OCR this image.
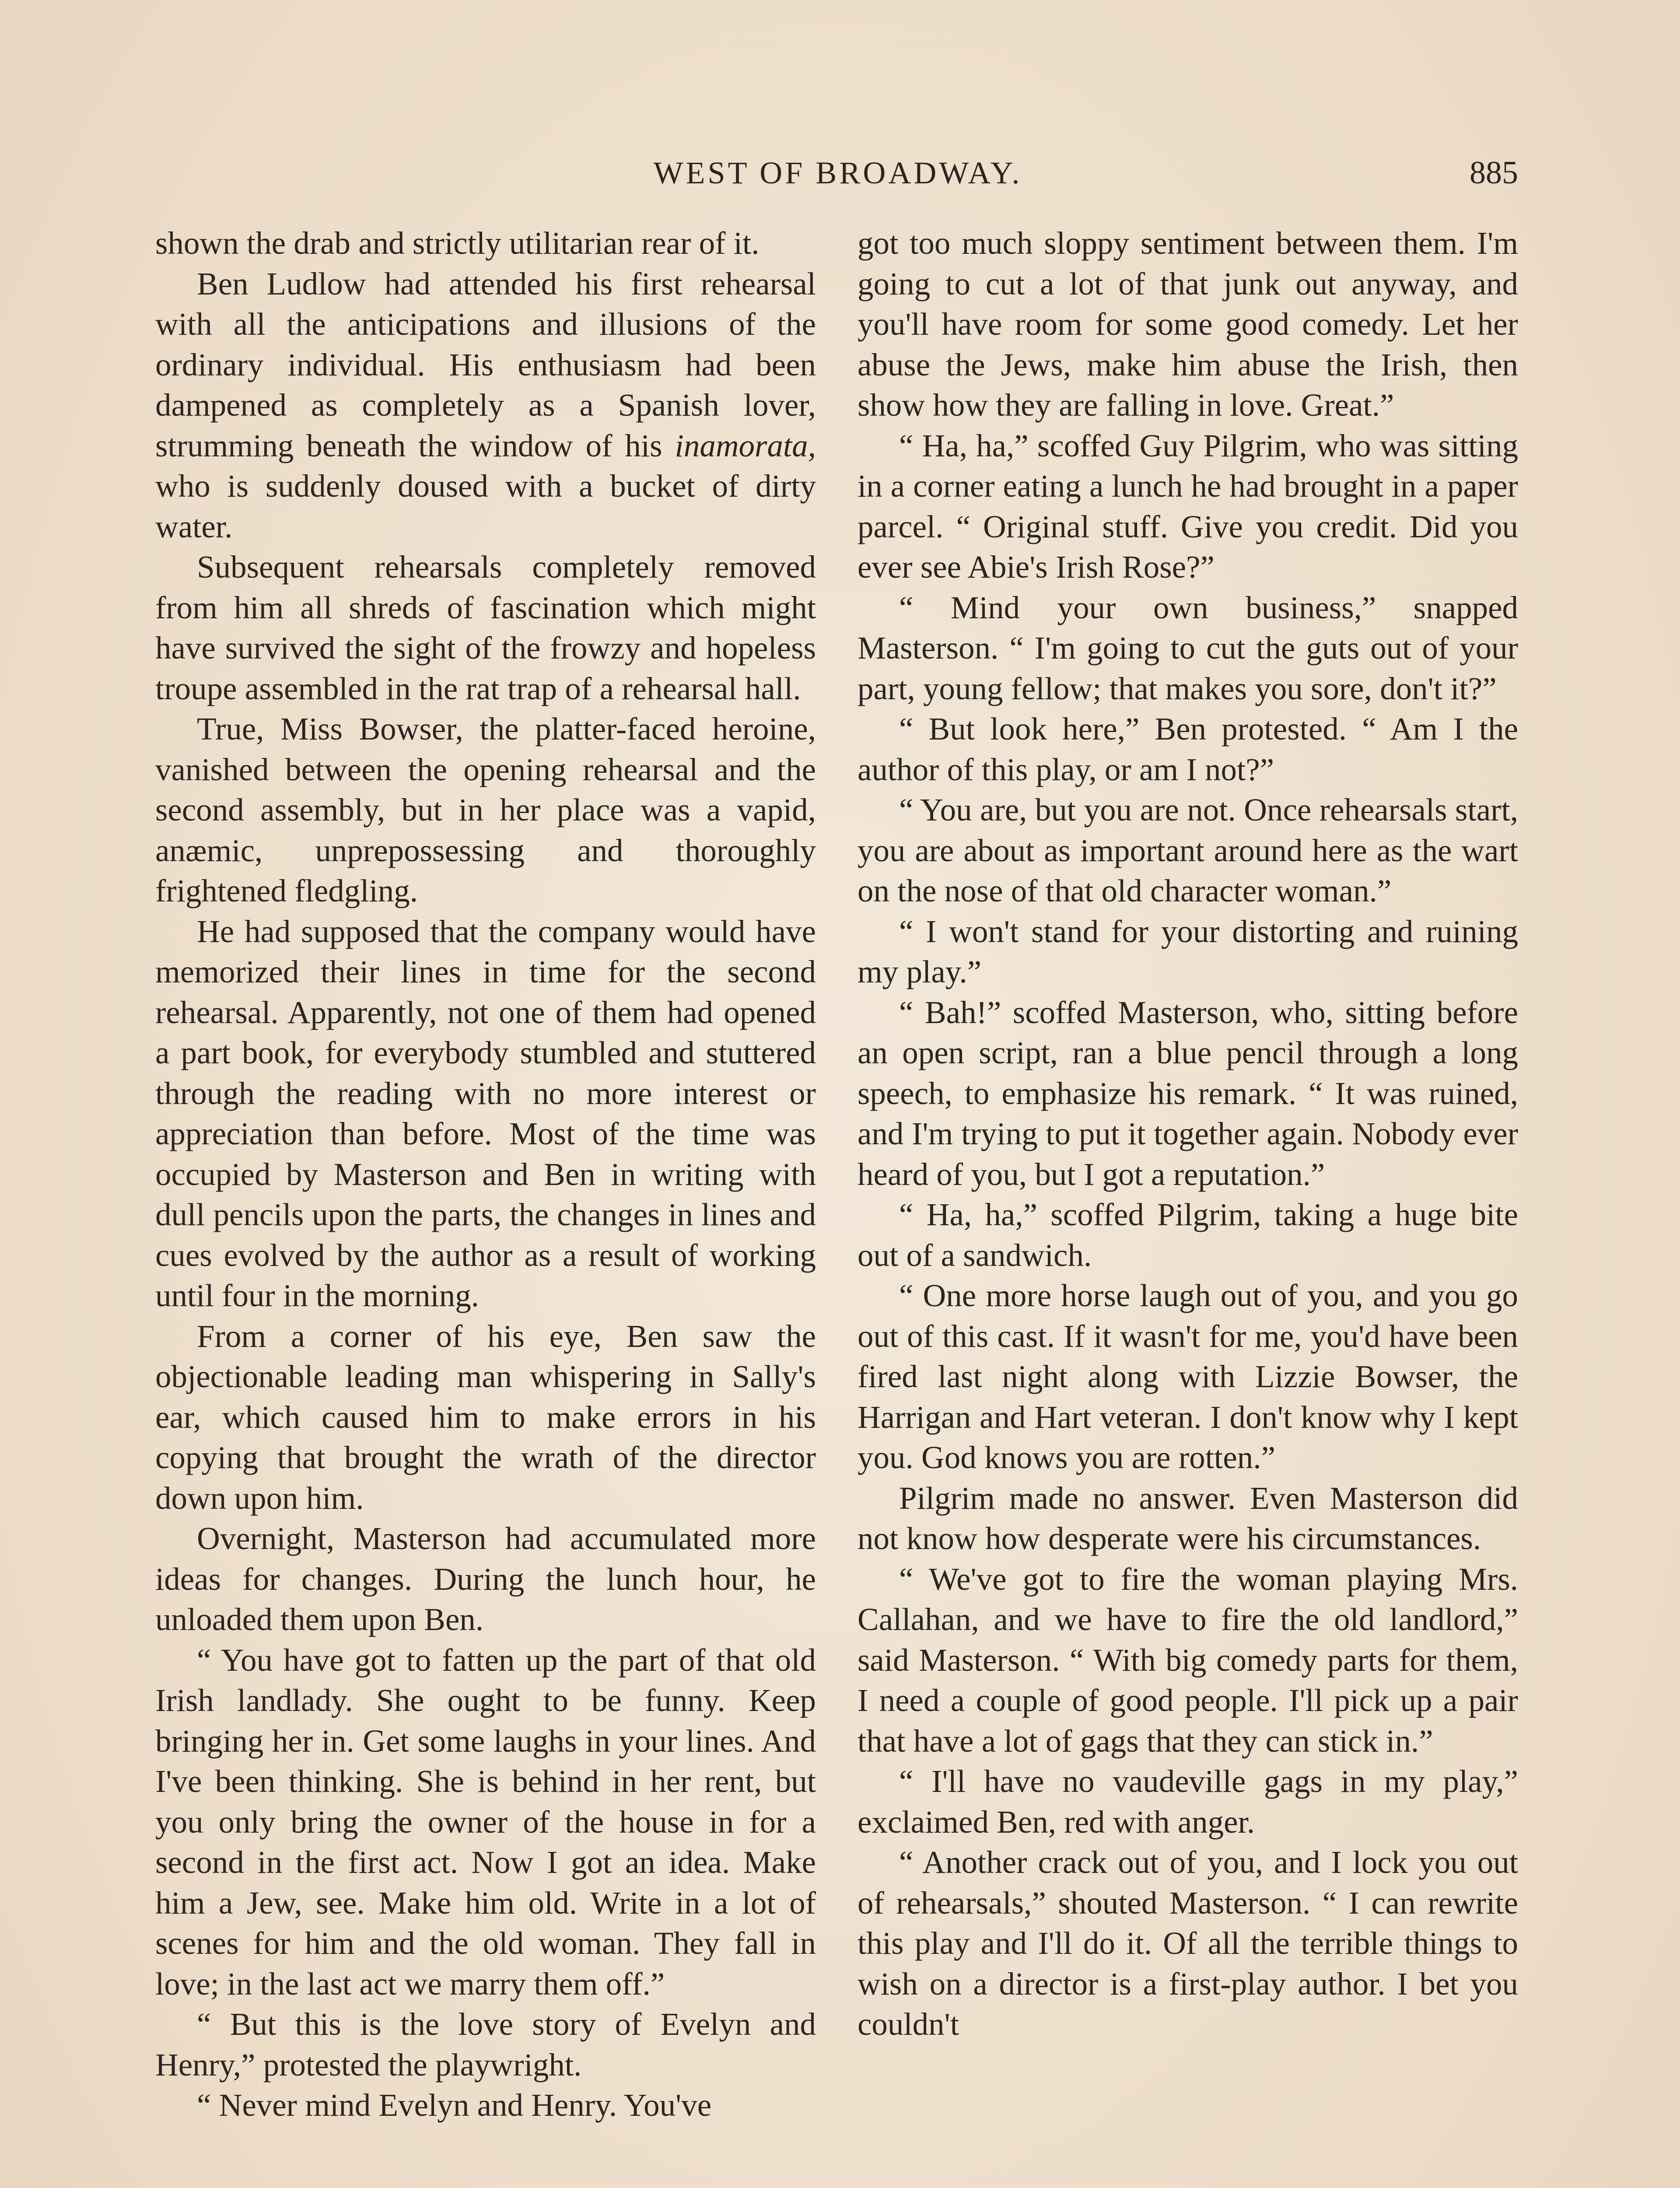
WEST OF BROADWAY.	885

shown the drab and strictly utilitarian rear of it.

Ben Ludlow had attended his first rehearsal with all the anticipations and illusions of the ordinary individual. His enthusiasm had been dampened as completely as a Spanish lover, strumming beneath the window of his inamorata, who is suddenly doused with a bucket of dirty water.

Subsequent rehearsals completely removed from him all shreds of fascination which might have survived the sight of the frowzy and hopeless troupe assembled in the rat trap of a rehearsal hall.

True, Miss Bowser, the platter-faced heroine, vanished between the opening rehearsal and the second assembly, but in her place was a vapid, anæmic, unprepossessing and thoroughly frightened fledgling.

He had supposed that the company would have memorized their lines in time for the second rehearsal. Apparently, not one of them had opened a part book, for everybody stumbled and stuttered through the reading with no more interest or appreciation than before. Most of the time was occupied by Masterson and Ben in writing with dull pencils upon the parts, the changes in lines and cues evolved by the author as a result of working until four in the morning.

From a corner of his eye, Ben saw the objectionable leading man whispering in Sally's ear, which caused him to make errors in his copying that brought the wrath of the director down upon him.

Overnight, Masterson had accumulated more ideas for changes. During the lunch hour, he unloaded them upon Ben.

“ You have got to fatten up the part of that old Irish landlady. She ought to be funny. Keep bringing her in. Get some laughs in your lines. And I've been thinking. She is behind in her rent, but you only bring the owner of the house in for a second in the first act. Now I got an idea. Make him a Jew, see. Make him old. Write in a lot of scenes for him and the old woman. They fall in love; in the last act we marry them off.”

“ But this is the love story of Evelyn and Henry,” protested the playwright.

“ Never mind Evelyn and Henry. You've

got too much sloppy sentiment between them. I'm going to cut a lot of that junk out anyway, and you'll have room for some good comedy. Let her abuse the Jews, make him abuse the Irish, then show how they are falling in love. Great.”

“ Ha, ha,” scoffed Guy Pilgrim, who was sitting in a corner eating a lunch he had brought in a paper parcel. “ Original stuff. Give you credit. Did you ever see Abie's Irish Rose?”

“ Mind your own business,” snapped Masterson. “ I'm going to cut the guts out of your part, young fellow; that makes you sore, don't it?”

“ But look here,” Ben protested. “ Am I the author of this play, or am I not?”

“ You are, but you are not. Once rehearsals start, you are about as important around here as the wart on the nose of that old character woman.”

“ I won't stand for your distorting and ruining my play.”

“ Bah!” scoffed Masterson, who, sitting before an open script, ran a blue pencil through a long speech, to emphasize his remark. “ It was ruined, and I'm trying to put it together again. Nobody ever heard of you, but I got a reputation.”

“ Ha, ha,” scoffed Pilgrim, taking a huge bite out of a sandwich.

“ One more horse laugh out of you, and you go out of this cast. If it wasn't for me, you'd have been fired last night along with Lizzie Bowser, the Harrigan and Hart veteran. I don't know why I kept you. God knows you are rotten.”

Pilgrim made no answer. Even Masterson did not know how desperate were his circumstances.

“ We've got to fire the woman playing Mrs. Callahan, and we have to fire the old landlord,” said Masterson. “ With big comedy parts for them, I need a couple of good people. I'll pick up a pair that have a lot of gags that they can stick in.”

“ I'll have no vaudeville gags in my play,” exclaimed Ben, red with anger.

“ Another crack out of you, and I lock you out of rehearsals,” shouted Masterson. “ I can rewrite this play and I'll do it. Of all the terrible things to wish on a director is a first-play author. I bet you couldn't
